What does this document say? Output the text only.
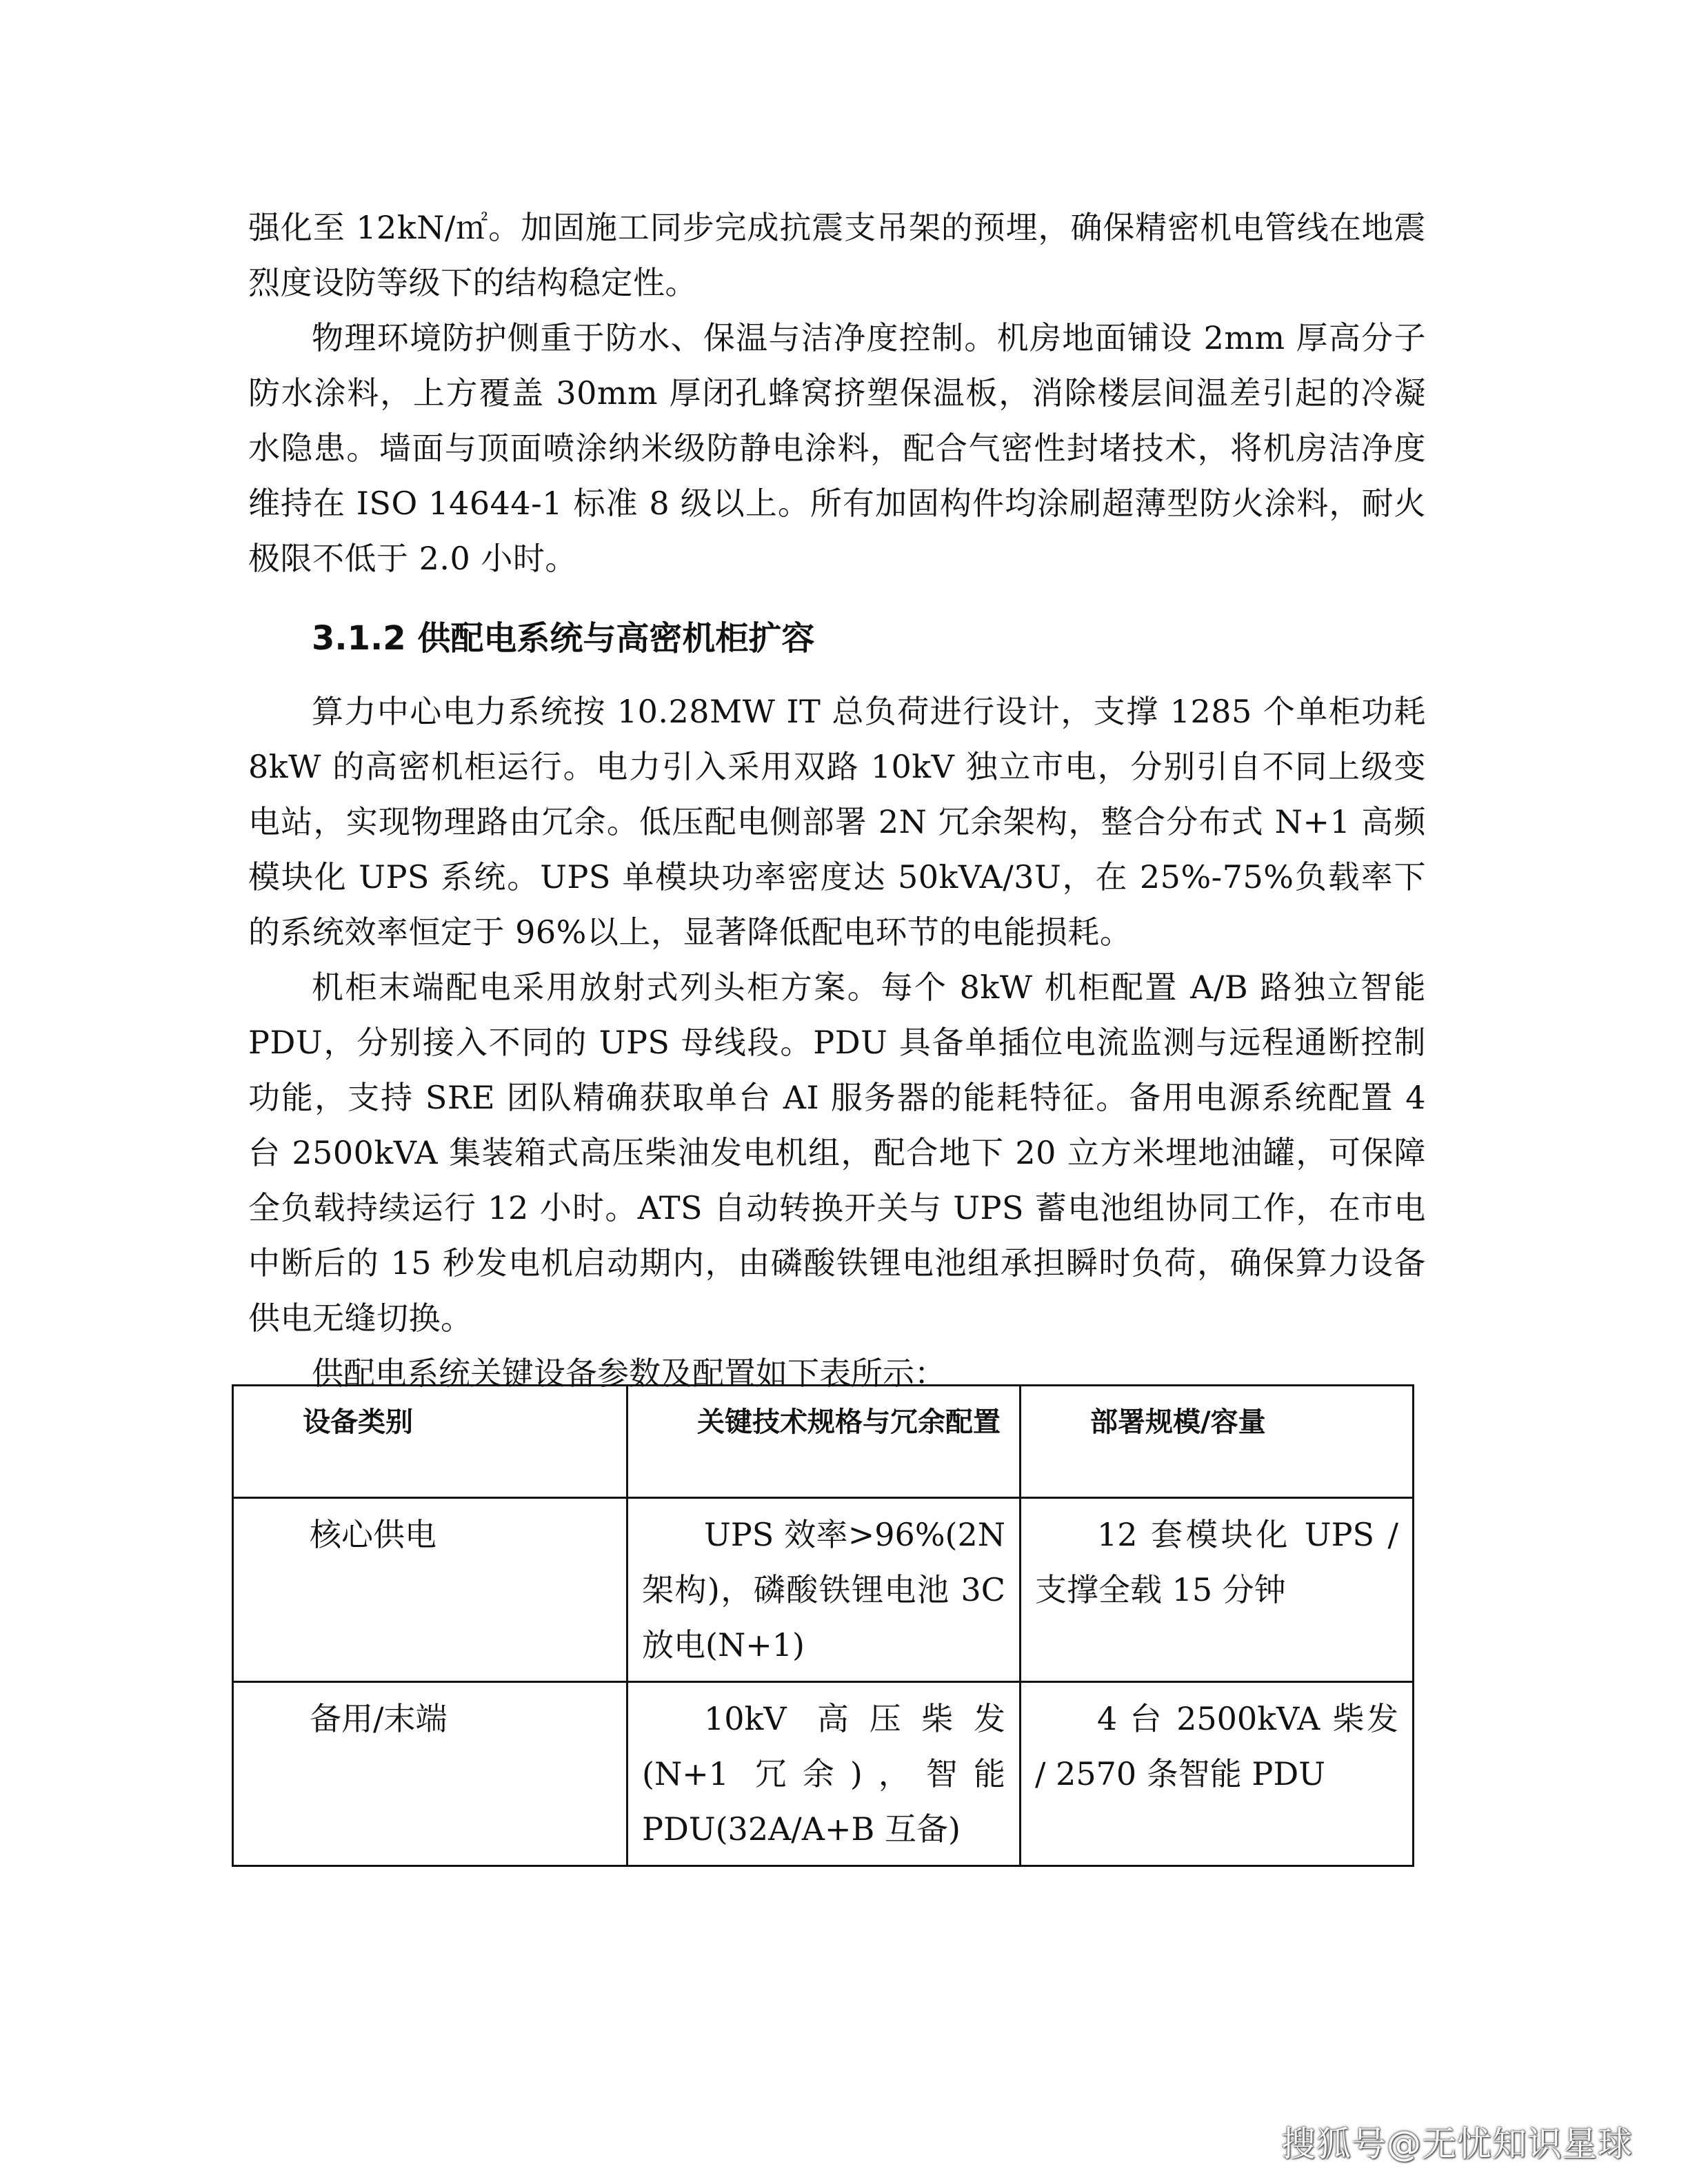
强化至 12kN/㎡。加固施工同步完成抗震支吊架的预埋，确保精密机电管线在地震烈度设防等级下的结构稳定性。

物理环境防护侧重于防水、保温与洁净度控制。机房地面铺设 2mm 厚高分子防水涂料，上方覆盖 30mm 厚闭孔蜂窝挤塑保温板，消除楼层间温差引起的冷凝水隐患。墙面与顶面喷涂纳米级防静电涂料，配合气密性封堵技术，将机房洁净度维持在 ISO 14644-1 标准 8 级以上。所有加固构件均涂刷超薄型防火涂料，耐火极限不低于 2.0 小时。

3.1.2 供配电系统与高密机柜扩容

算力中心电力系统按 10.28MW IT 总负荷进行设计，支撑 1285 个单柜功耗 8kW 的高密机柜运行。电力引入采用双路 10kV 独立市电，分别引自不同上级变电站，实现物理路由冗余。低压配电侧部署 2N 冗余架构，整合分布式 N+1 高频模块化 UPS 系统。UPS 单模块功率密度达 50kVA/3U，在 25%-75%负载率下的系统效率恒定于 96%以上，显著降低配电环节的电能损耗。

机柜末端配电采用放射式列头柜方案。每个 8kW 机柜配置 A/B 路独立智能 PDU，分别接入不同的 UPS 母线段。PDU 具备单插位电流监测与远程通断控制功能，支持 SRE 团队精确获取单台 AI 服务器的能耗特征。备用电源系统配置 4 台 2500kVA 集装箱式高压柴油发电机组，配合地下 20 立方米埋地油罐，可保障全负载持续运行 12 小时。ATS 自动转换开关与 UPS 蓄电池组协同工作，在市电中断后的 15 秒发电机启动期内，由磷酸铁锂电池组承担瞬时负荷，确保算力设备供电无缝切换。

供配电系统关键设备参数及配置如下表所示：

设备类别	关键技术规格与冗余配置	部署规模/容量
核心供电	UPS 效率>96%(2N 架构)，磷酸铁锂电池 3C 放电(N+1)	12 套模块化 UPS / 支撑全载 15 分钟
备用/末端	10kV 高压柴发(N+1 冗余)，智能 PDU(32A/A+B 互备)	4 台 2500kVA 柴发 / 2570 条智能 PDU
搜狐号@无忧知识星球
